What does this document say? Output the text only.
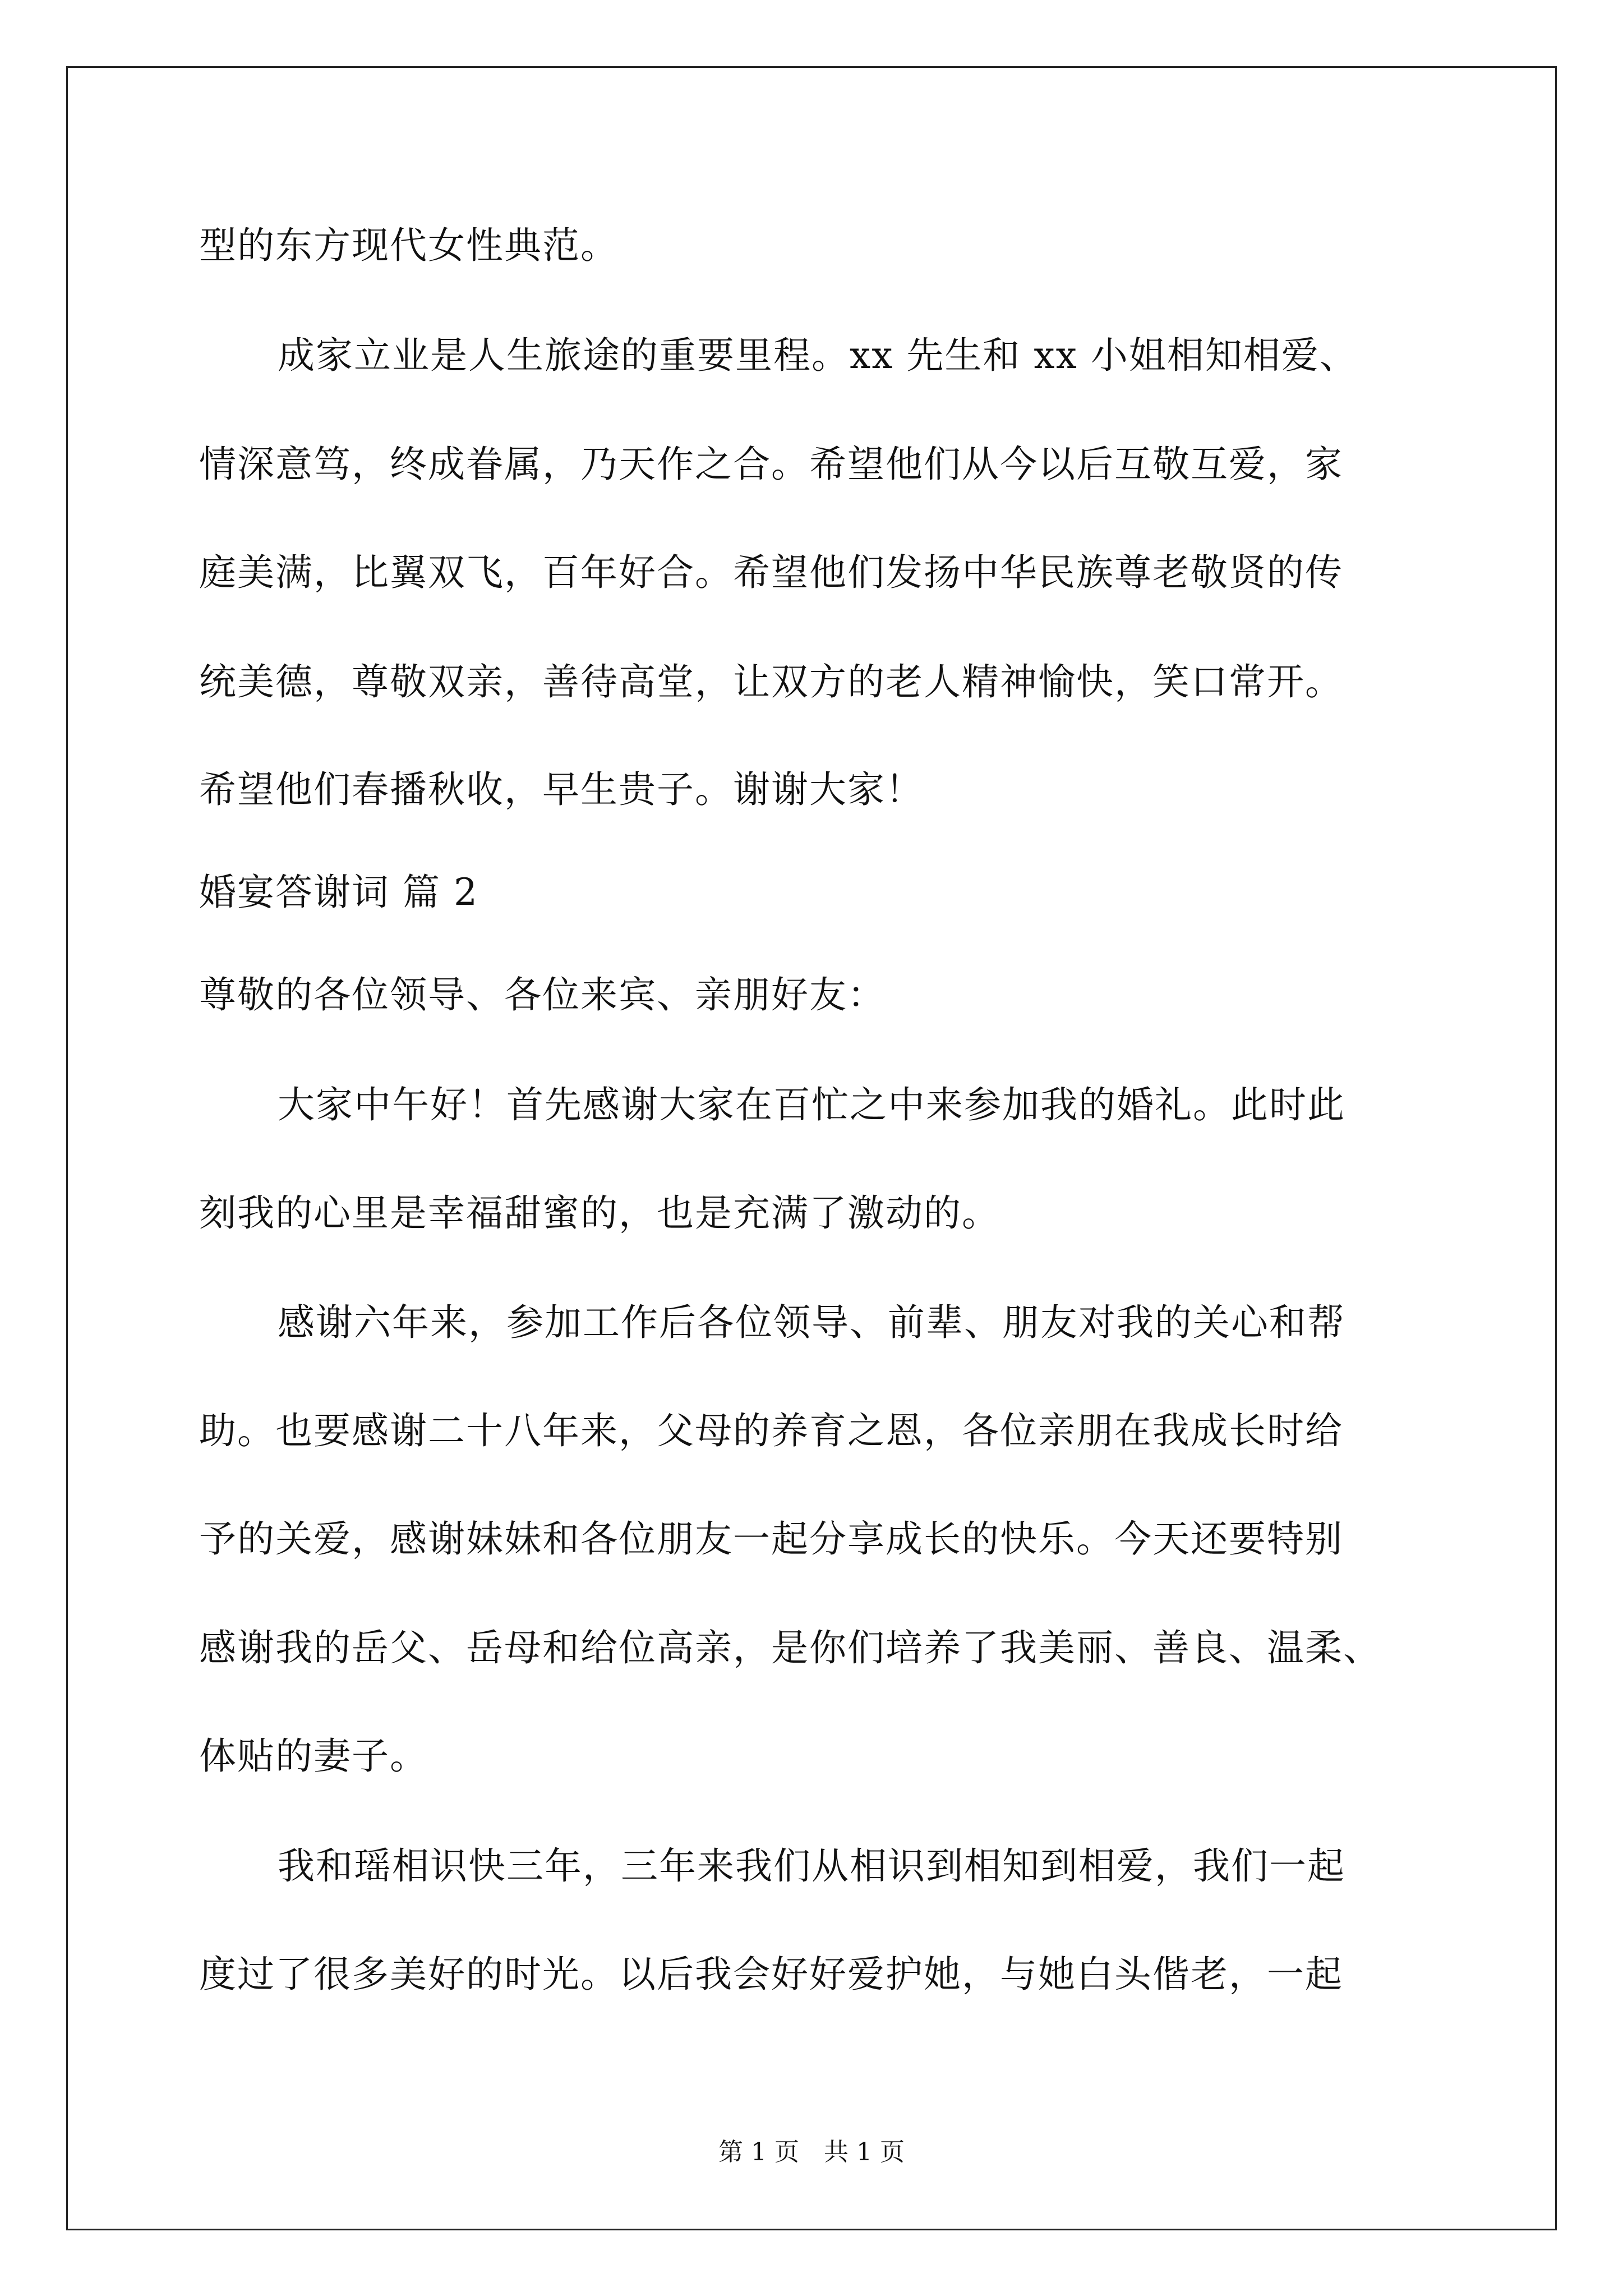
型的东方现代女性典范。
成家立业是人生旅途的重要里程。xx 先生和 xx 小姐相知相爱、
情深意笃，终成眷属，乃天作之合。希望他们从今以后互敬互爱，家
庭美满，比翼双飞，百年好合。希望他们发扬中华民族尊老敬贤的传
统美德，尊敬双亲，善待高堂，让双方的老人精神愉快，笑口常开。
希望他们春播秋收，早生贵子。谢谢大家！
婚宴答谢词 篇 2
尊敬的各位领导、各位来宾、亲朋好友：
大家中午好！首先感谢大家在百忙之中来参加我的婚礼。此时此
刻我的心里是幸福甜蜜的，也是充满了激动的。
感谢六年来，参加工作后各位领导、前辈、朋友对我的关心和帮
助。也要感谢二十八年来，父母的养育之恩，各位亲朋在我成长时给
予的关爱，感谢妹妹和各位朋友一起分享成长的快乐。今天还要特别
感谢我的岳父、岳母和给位高亲，是你们培养了我美丽、善良、温柔、
体贴的妻子。
我和瑶相识快三年，三年来我们从相识到相知到相爱，我们一起
度过了很多美好的时光。以后我会好好爱护她，与她白头偕老，一起
第 1 页　共 1 页
